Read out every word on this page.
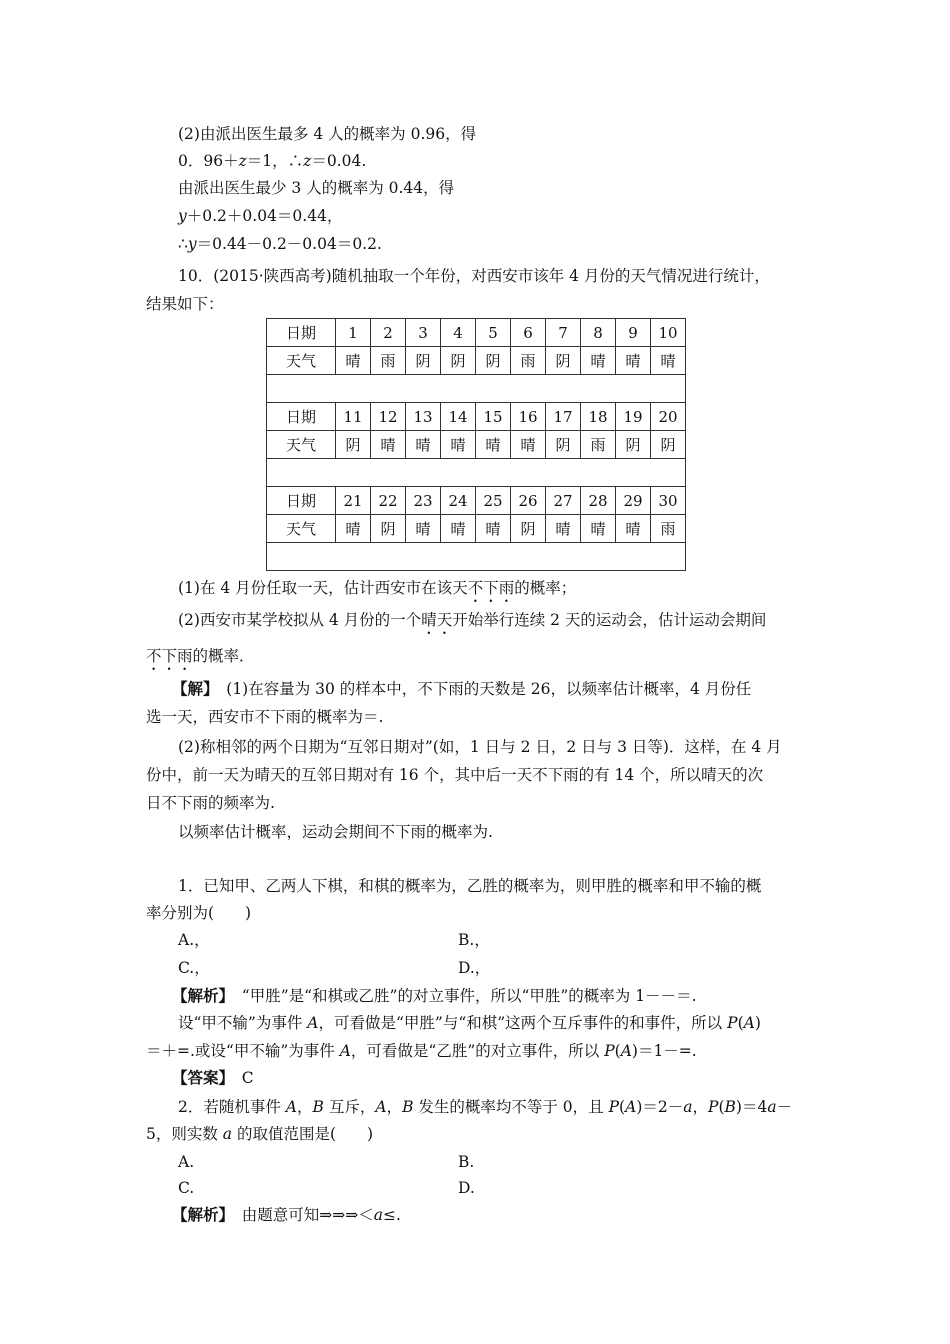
(2)由派出医生最多 4 人的概率为 0.96，得
0．96＋z＝1，∴z＝0.04.
由派出医生最少 3 人的概率为 0.44，得
y＋0.2＋0.04＝0.44，
∴y＝0.44－0.2－0.04＝0.2.
10．(2015·陕西高考)随机抽取一个年份，对西安市该年 4 月份的天气情况进行统计，
结果如下：
日期	1	2	3	4	5	6	7	8	9	10
天气	晴	雨	阴	阴	阴	雨	阴	晴	晴	晴

日期	11	12	13	14	15	16	17	18	19	20
天气	阴	晴	晴	晴	晴	晴	阴	雨	阴	阴

日期	21	22	23	24	25	26	27	28	29	30
天气	晴	阴	晴	晴	晴	阴	晴	晴	晴	雨

(1)在 4 月份任取一天，估计西安市在该天不下雨的概率；
(2)西安市某学校拟从 4 月份的一个晴天开始举行连续 2 天的运动会，估计运动会期间
不下雨的概率．
【解】　(1)在容量为 30 的样本中，不下雨的天数是 26，以频率估计概率，4 月份任
选一天，西安市不下雨的概率为＝.
(2)称相邻的两个日期为“互邻日期对”(如，1 日与 2 日，2 日与 3 日等)．这样，在 4 月
份中，前一天为晴天的互邻日期对有 16 个，其中后一天不下雨的有 14 个，所以晴天的次
日不下雨的频率为.
以频率估计概率，运动会期间不下雨的概率为.
1．已知甲、乙两人下棋，和棋的概率为，乙胜的概率为，则甲胜的概率和甲不输的概
率分别为(　　)
A.，	B.，
C.，	D.，
【解析】　“甲胜”是“和棋或乙胜”的对立事件，所以“甲胜”的概率为 1－－＝.
设“甲不输”为事件 A，可看做是“甲胜”与“和棋”这两个互斥事件的和事件，所以 P(A)
＝＋=.或设“甲不输”为事件 A，可看做是“乙胜”的对立事件，所以 P(A)＝1－=.
【答案】　C
2．若随机事件 A，B 互斥，A，B 发生的概率均不等于 0，且 P(A)＝2－a，P(B)＝4a－
5，则实数 a 的取值范围是(　　)
A.	B.
C.	D.
【解析】　由题意可知⇒⇒⇒＜a≤.
